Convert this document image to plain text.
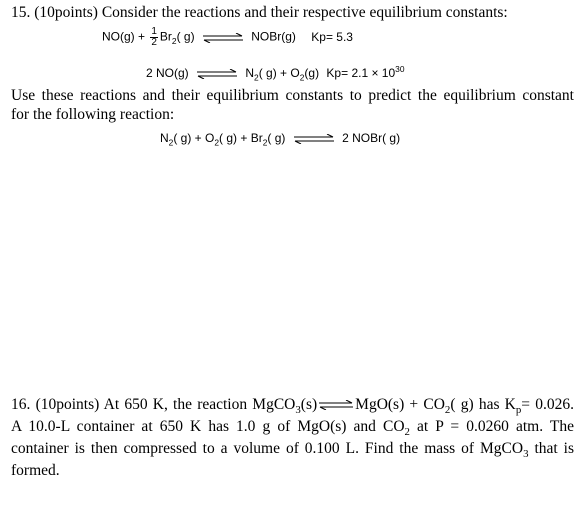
15. (10points) Consider the reactions and their respective equilibrium constants:
$NO(g) + \frac{1}{2} Br_2$( g) ⇌ NOBr(g) Kp= 5.3
2 NO(g) ⇌ $N_2$( $g) + O_2(g)$ $Kp= 2.1 \times 10^{30}$
Use these reactions and their equilibrium constants to predict the equilibrium constant
for the following reaction:
$N_2$( $g) + O_2$( $g) + Br_2$( g) ⇌ 2 NOBr( g)
16. (10points) At 650 K, the reaction MgCO$_3$(s)⇌MgO(s) + $CO_2$( g) has $K_p= 0.026$.
A 10.0-L container at 650 K has 1.0 g of MgO(s) and $CO_2$ at P = 0.0260 atm. The
container is then compressed to a volume of 0.100 L. Find the mass of MgCO$_3$ that is
formed.
